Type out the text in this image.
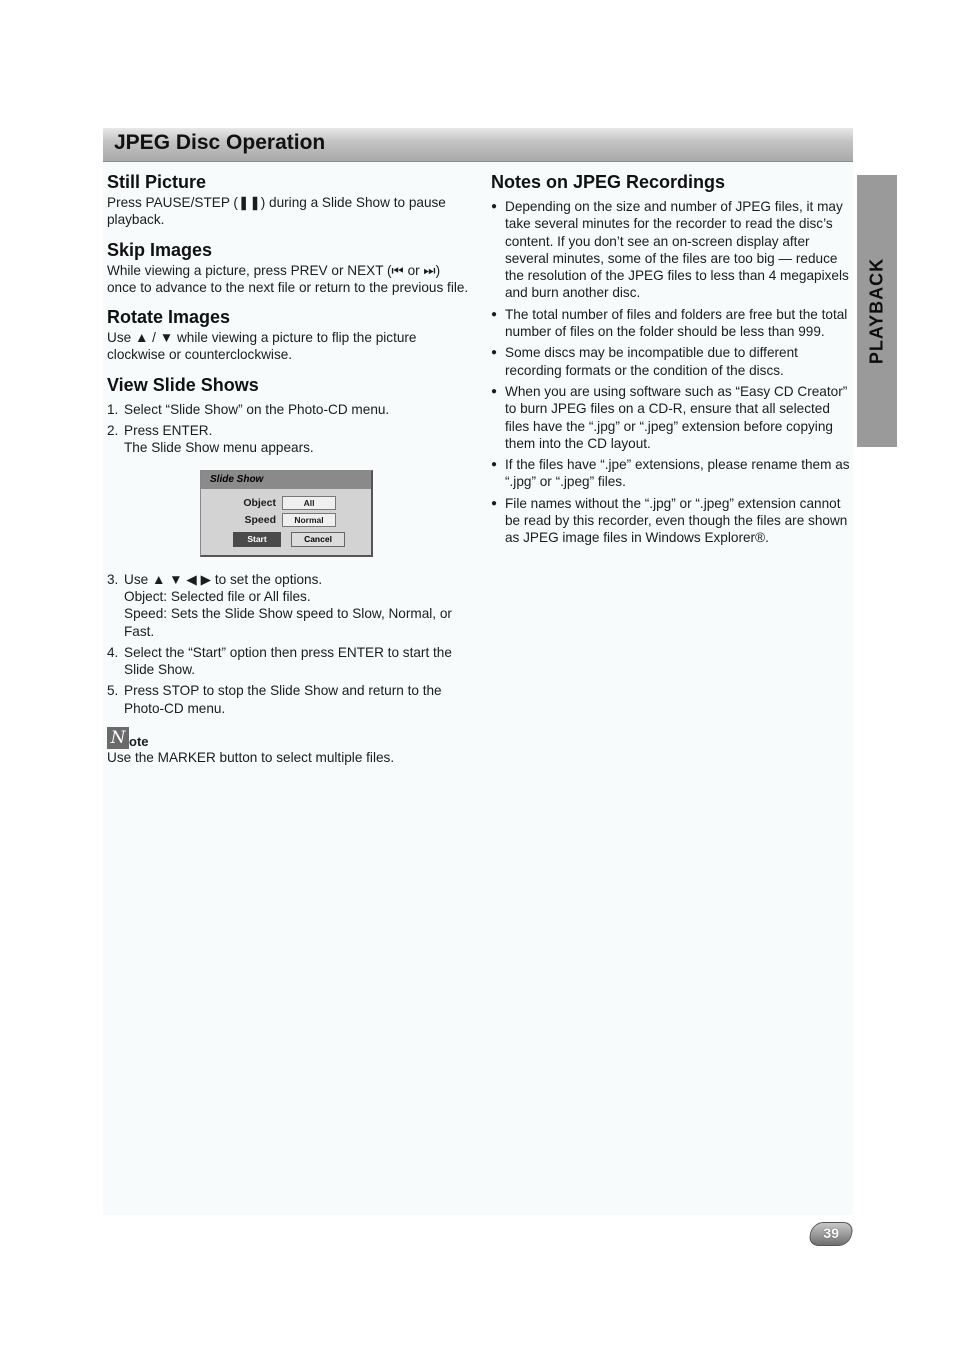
JPEG Disc Operation
PLAYBACK
Still Picture

Press PAUSE/STEP (❚❚) during a Slide Show to pause playback.

Skip Images

While viewing a picture, press PREV or NEXT (⏮ or ⏭) once to advance to the next file or return to the previous file.

Rotate Images

Use ▲ / ▼ while viewing a picture to flip the picture clockwise or counterclockwise.

View Slide Shows
1. Select “Slide Show” on the Photo-CD menu.
2. Press ENTER.
The Slide Show menu appears.
Slide Show
Object	All
Speed	Normal
Start	Cancel
3. Use ▲ ▼ ◀ ▶ to set the options.
Object: Selected file or All files.
Speed: Sets the Slide Show speed to Slow, Normal, or Fast.
4. Select the “Start” option then press ENTER to start the Slide Show.
5. Press STOP to stop the Slide Show and return to the Photo-CD menu.
N ote

Use the MARKER button to select multiple files.

Notes on JPEG Recordings
● Depending on the size and number of JPEG files, it may take several minutes for the recorder to read the disc’s content. If you don’t see an on-screen display after several minutes, some of the files are too big — reduce the resolution of the JPEG files to less than 4 megapixels and burn another disc.
● The total number of files and folders are free but the total number of files on the folder should be less than 999.
● Some discs may be incompatible due to different recording formats or the condition of the discs.
● When you are using software such as “Easy CD Creator” to burn JPEG files on a CD-R, ensure that all selected files have the “.jpg” or “.jpeg” extension before copying them into the CD layout.
● If the files have “.jpe” extensions, please rename them as “.jpg” or “.jpeg” files.
● File names without the “.jpg” or “.jpeg” extension cannot be read by this recorder, even though the files are shown as JPEG image files in Windows Explorer®.
39
